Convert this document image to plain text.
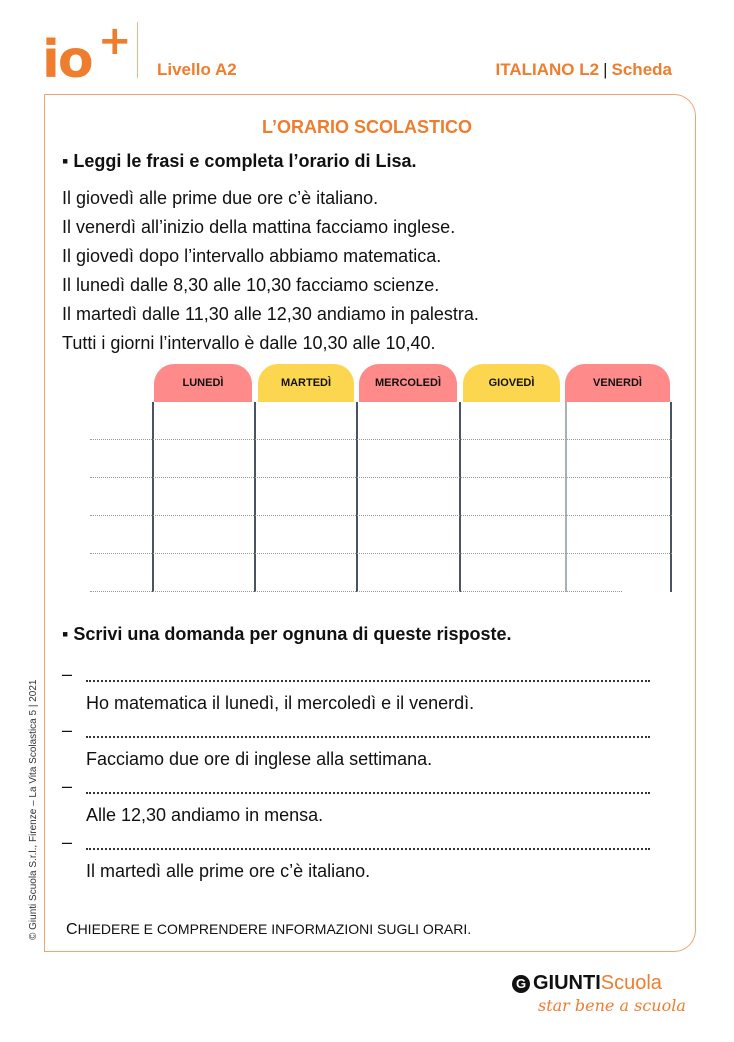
io +
Livello A2	ITALIANO L2 | Scheda
L’ORARIO SCOLASTICO
▪ Leggi le frasi e completa l’orario di Lisa.
Il giovedì alle prime due ore c’è italiano.
Il venerdì all’inizio della mattina facciamo inglese.
Il giovedì dopo l’intervallo abbiamo matematica.
Il lunedì dalle 8,30 alle 10,30 facciamo scienze.
Il martedì dalle 11,30 alle 12,30 andiamo in palestra.
Tutti i giorni l’intervallo è dalle 10,30 alle 10,40.
LUNEDÌ	MARTEDÌ	MERCOLEDÌ	GIOVEDÌ	VENERDÌ
▪ Scrivi una domanda per ognuna di queste risposte.
–
Ho matematica il lunedì, il mercoledì e il venerdì.
–
Facciamo due ore di inglese alla settimana.
–
Alle 12,30 andiamo in mensa.
–
Il martedì alle prime ore c’è italiano.
CHIEDERE E COMPRENDERE INFORMAZIONI SUGLI ORARI.
© Giunti Scuola S.r.l., Firenze – La Vita Scolastica 5 | 2021
G GIUNTIScuola
star bene a scuola
